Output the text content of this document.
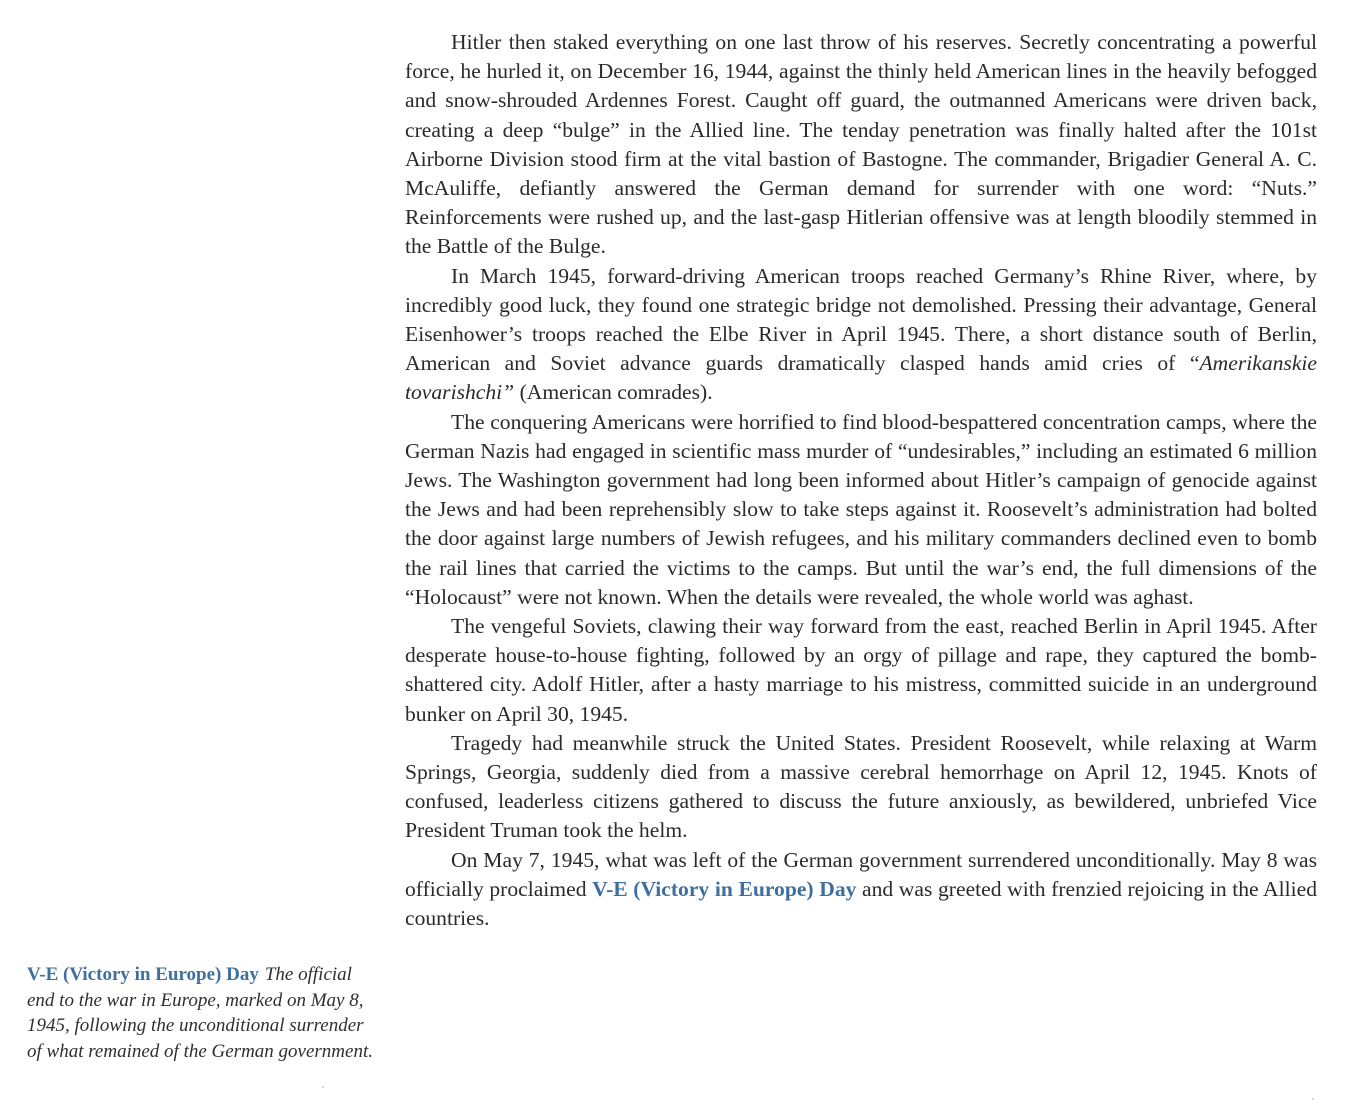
Hitler then staked everything on one last throw of his reserves. Secretly concentrating a powerful force, he hurled it, on December 16, 1944, against the thinly held American lines in the heavily befogged and snow-shrouded Ardennes Forest. Caught off guard, the outmanned Americans were driven back, creating a deep “bulge” in the Allied line. The tenday penetration was finally halted after the 101st Airborne Division stood firm at the vital bastion of Bastogne. The commander, Brigadier General A. C. McAuliffe, defiantly answered the German demand for surrender with one word: “Nuts.” Reinforcements were rushed up, and the last-gasp Hitlerian offensive was at length bloodily stemmed in the Battle of the Bulge.

In March 1945, forward-driving American troops reached Germany’s Rhine River, where, by incredibly good luck, they found one strategic bridge not demolished. Pressing their advantage, General Eisenhower’s troops reached the Elbe River in April 1945. There, a short distance south of Berlin, American and Soviet advance guards dramatically clasped hands amid cries of “Amerikanskie tovarishchi” (American comrades).

The conquering Americans were horrified to find blood-bespattered concentration camps, where the German Nazis had engaged in scientific mass murder of “undesirables,” including an estimated 6 million Jews. The Washington government had long been informed about Hitler’s campaign of genocide against the Jews and had been reprehensibly slow to take steps against it. Roosevelt’s administration had bolted the door against large numbers of Jewish refugees, and his military commanders declined even to bomb the rail lines that carried the victims to the camps. But until the war’s end, the full dimensions of the “Holocaust” were not known. When the details were revealed, the whole world was aghast.

The vengeful Soviets, clawing their way forward from the east, reached Berlin in April 1945. After desperate house-to-house fighting, followed by an orgy of pillage and rape, they captured the bomb-shattered city. Adolf Hitler, after a hasty marriage to his mistress, committed suicide in an underground bunker on April 30, 1945.

Tragedy had meanwhile struck the United States. President Roosevelt, while relaxing at Warm Springs, Georgia, suddenly died from a massive cerebral hemorrhage on April 12, 1945. Knots of confused, leaderless citizens gathered to discuss the future anxiously, as bewildered, unbriefed Vice President Truman took the helm.

On May 7, 1945, what was left of the German government surrendered unconditionally. May 8 was officially proclaimed V-E (Victory in Europe) Day and was greeted with frenzied rejoicing in the Allied countries.

V-E (Victory in Europe) Day The official end to the war in Europe, marked on May 8, 1945, following the unconditional surrender of what remained of the German government.
